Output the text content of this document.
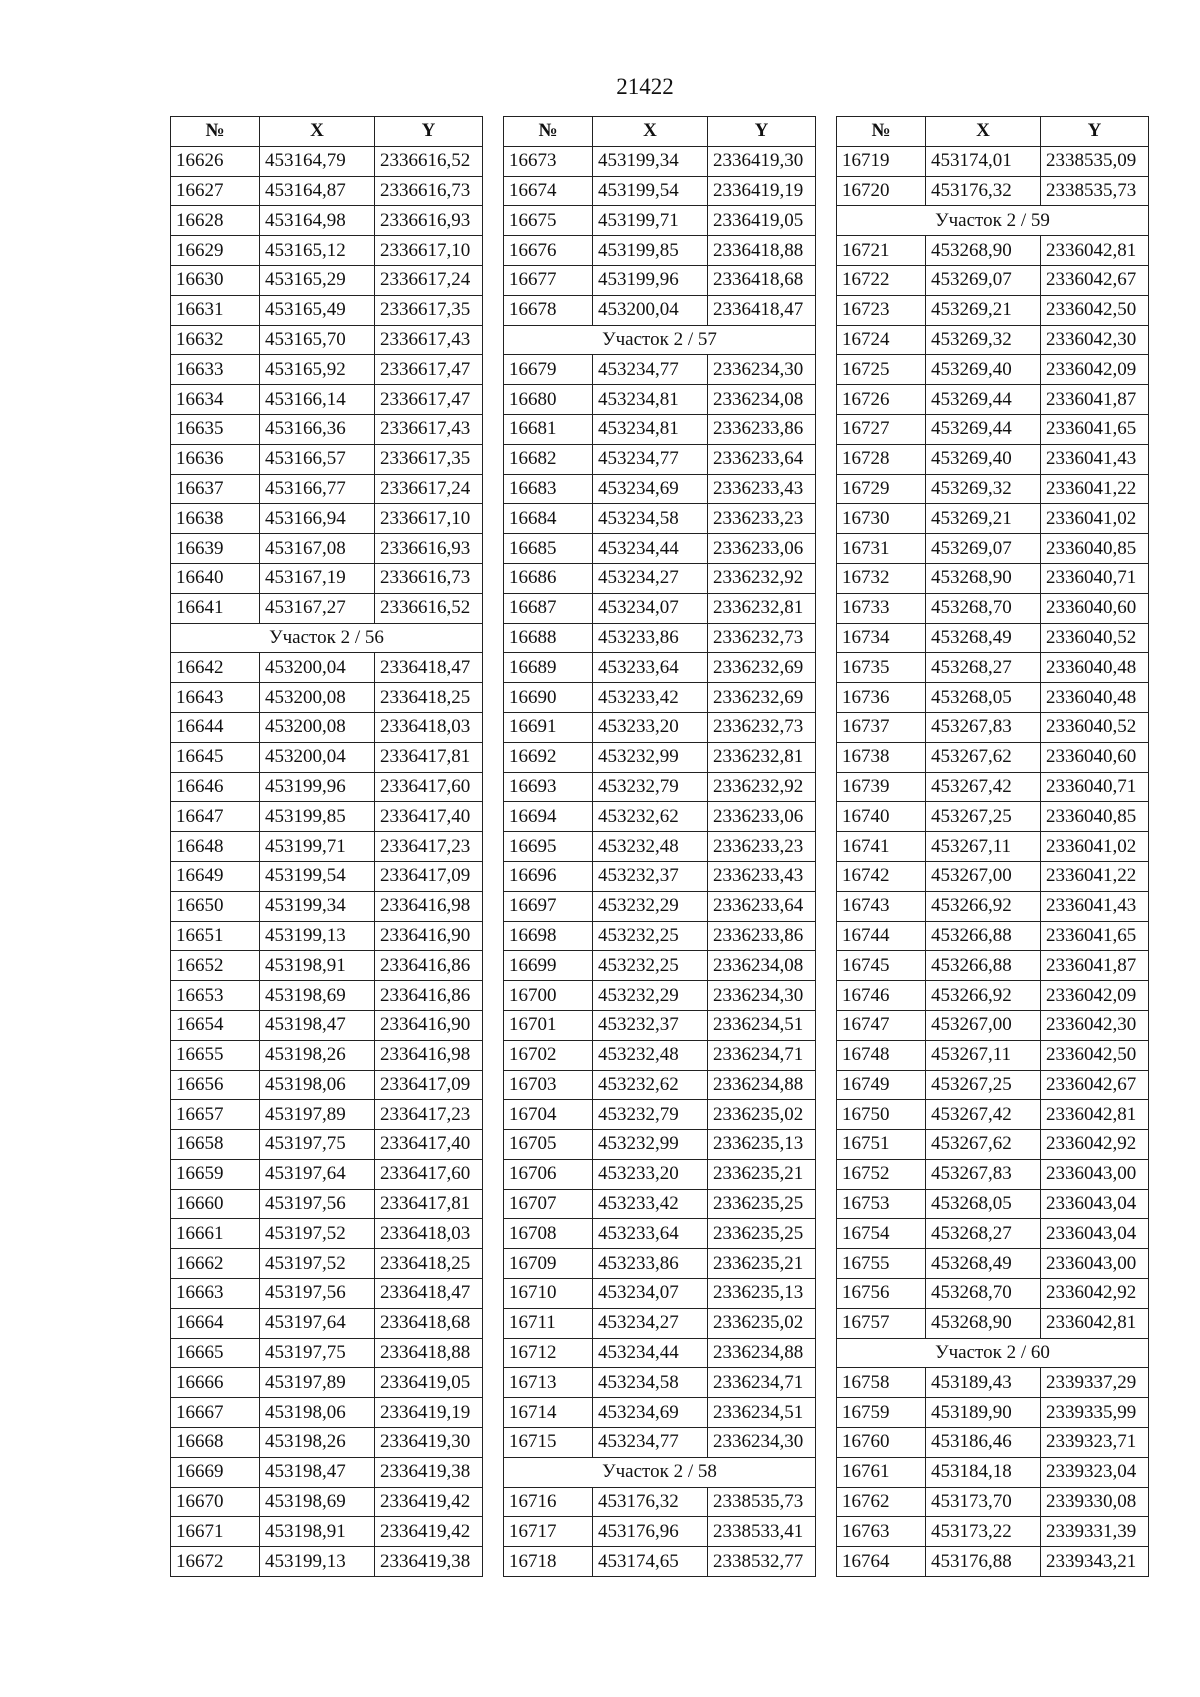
21422
№	X	Y
16626	453164,79	2336616,52
16627	453164,87	2336616,73
16628	453164,98	2336616,93
16629	453165,12	2336617,10
16630	453165,29	2336617,24
16631	453165,49	2336617,35
16632	453165,70	2336617,43
16633	453165,92	2336617,47
16634	453166,14	2336617,47
16635	453166,36	2336617,43
16636	453166,57	2336617,35
16637	453166,77	2336617,24
16638	453166,94	2336617,10
16639	453167,08	2336616,93
16640	453167,19	2336616,73
16641	453167,27	2336616,52
Участок 2 / 56		
16642	453200,04	2336418,47
16643	453200,08	2336418,25
16644	453200,08	2336418,03
16645	453200,04	2336417,81
16646	453199,96	2336417,60
16647	453199,85	2336417,40
16648	453199,71	2336417,23
16649	453199,54	2336417,09
16650	453199,34	2336416,98
16651	453199,13	2336416,90
16652	453198,91	2336416,86
16653	453198,69	2336416,86
16654	453198,47	2336416,90
16655	453198,26	2336416,98
16656	453198,06	2336417,09
16657	453197,89	2336417,23
16658	453197,75	2336417,40
16659	453197,64	2336417,60
16660	453197,56	2336417,81
16661	453197,52	2336418,03
16662	453197,52	2336418,25
16663	453197,56	2336418,47
16664	453197,64	2336418,68
16665	453197,75	2336418,88
16666	453197,89	2336419,05
16667	453198,06	2336419,19
16668	453198,26	2336419,30
16669	453198,47	2336419,38
16670	453198,69	2336419,42
16671	453198,91	2336419,42
16672	453199,13	2336419,38
№	X	Y
16673	453199,34	2336419,30
16674	453199,54	2336419,19
16675	453199,71	2336419,05
16676	453199,85	2336418,88
16677	453199,96	2336418,68
16678	453200,04	2336418,47
Участок 2 / 57		
16679	453234,77	2336234,30
16680	453234,81	2336234,08
16681	453234,81	2336233,86
16682	453234,77	2336233,64
16683	453234,69	2336233,43
16684	453234,58	2336233,23
16685	453234,44	2336233,06
16686	453234,27	2336232,92
16687	453234,07	2336232,81
16688	453233,86	2336232,73
16689	453233,64	2336232,69
16690	453233,42	2336232,69
16691	453233,20	2336232,73
16692	453232,99	2336232,81
16693	453232,79	2336232,92
16694	453232,62	2336233,06
16695	453232,48	2336233,23
16696	453232,37	2336233,43
16697	453232,29	2336233,64
16698	453232,25	2336233,86
16699	453232,25	2336234,08
16700	453232,29	2336234,30
16701	453232,37	2336234,51
16702	453232,48	2336234,71
16703	453232,62	2336234,88
16704	453232,79	2336235,02
16705	453232,99	2336235,13
16706	453233,20	2336235,21
16707	453233,42	2336235,25
16708	453233,64	2336235,25
16709	453233,86	2336235,21
16710	453234,07	2336235,13
16711	453234,27	2336235,02
16712	453234,44	2336234,88
16713	453234,58	2336234,71
16714	453234,69	2336234,51
16715	453234,77	2336234,30
Участок 2 / 58		
16716	453176,32	2338535,73
16717	453176,96	2338533,41
16718	453174,65	2338532,77
№	X	Y
16719	453174,01	2338535,09
16720	453176,32	2338535,73
Участок 2 / 59		
16721	453268,90	2336042,81
16722	453269,07	2336042,67
16723	453269,21	2336042,50
16724	453269,32	2336042,30
16725	453269,40	2336042,09
16726	453269,44	2336041,87
16727	453269,44	2336041,65
16728	453269,40	2336041,43
16729	453269,32	2336041,22
16730	453269,21	2336041,02
16731	453269,07	2336040,85
16732	453268,90	2336040,71
16733	453268,70	2336040,60
16734	453268,49	2336040,52
16735	453268,27	2336040,48
16736	453268,05	2336040,48
16737	453267,83	2336040,52
16738	453267,62	2336040,60
16739	453267,42	2336040,71
16740	453267,25	2336040,85
16741	453267,11	2336041,02
16742	453267,00	2336041,22
16743	453266,92	2336041,43
16744	453266,88	2336041,65
16745	453266,88	2336041,87
16746	453266,92	2336042,09
16747	453267,00	2336042,30
16748	453267,11	2336042,50
16749	453267,25	2336042,67
16750	453267,42	2336042,81
16751	453267,62	2336042,92
16752	453267,83	2336043,00
16753	453268,05	2336043,04
16754	453268,27	2336043,04
16755	453268,49	2336043,00
16756	453268,70	2336042,92
16757	453268,90	2336042,81
Участок 2 / 60		
16758	453189,43	2339337,29
16759	453189,90	2339335,99
16760	453186,46	2339323,71
16761	453184,18	2339323,04
16762	453173,70	2339330,08
16763	453173,22	2339331,39
16764	453176,88	2339343,21
